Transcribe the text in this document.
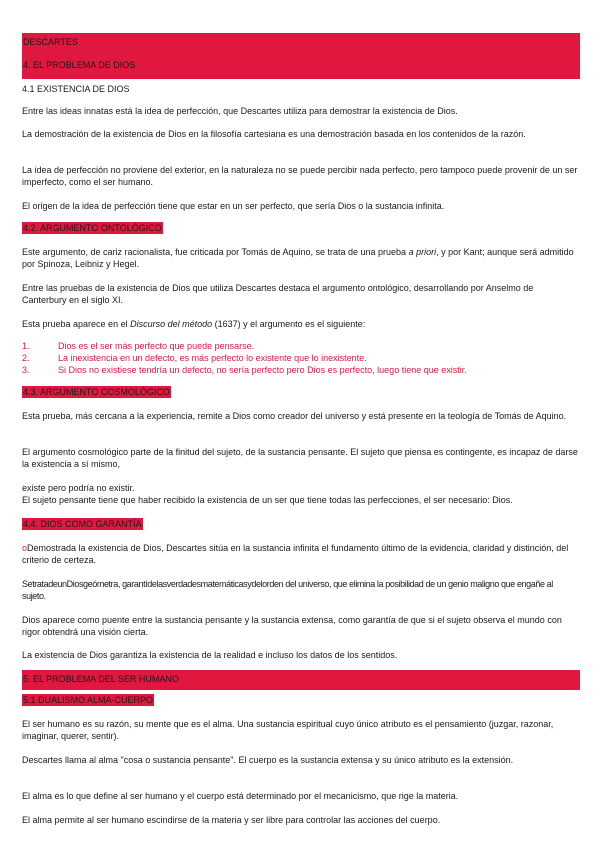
DESCARTES
4. EL PROBLEMA DE DIOS

4.1 EXISTENCIA DE DIOS

Entre las ideas innatas está la idea de perfección, que Descartes utiliza para demostrar la existencia de Dios.

La demostración de la existencia de Dios en la filosofía cartesiana es una demostración basada en los contenidos de la razón.

La idea de perfección no proviene del exterior, en la naturaleza no se puede percibir nada perfecto, pero tampoco puede provenir de un ser imperfecto, como el ser humano.

El origen de la idea de perfección tiene que estar en un ser perfecto, que sería Dios o la sustancia infinita.

4.2. ARGUMENTO ONTOLÓGICO

Este argumento, de cariz racionalista, fue criticada por Tomás de Aquino, se trata de una prueba a priori, y por Kant; aunque será admitido por Spinoza, Leibniz y Hegel.

Entre las pruebas de la existencia de Dios que utiliza Descartes destaca el argumento ontológico, desarrollando por Anselmo de Canterbury en el siglo XI.

Esta prueba aparece en el Discurso del método (1637) y el argumento es el siguiente:

1.	Dios es el ser más perfecto que puede pensarse.
2.	La inexistencia en un defecto, es más perfecto lo existente que lo inexistente.
3.	Si Dios no existiese tendría un defecto, no sería perfecto pero Dios es perfecto, luego tiene que existir.

4.3. ARGUMENTO COSMOLÓGICO

Esta prueba, más cercana a la experiencia, remite a Dios como creador del universo y está presente en la teología de Tomás de Aquino.

El argumento cosmológico parte de la finitud del sujeto, de la sustancia pensante. El sujeto que piensa es contingente, es incapaz de darse la existencia a sí mismo,

existe pero podría no existir.

El sujeto pensante tiene que haber recibido la existencia de un ser que tiene todas las perfecciones, el ser necesario: Dios.

4.4. DIOS COMO GARANTÍA

oDemostrada la existencia de Dios, Descartes sitúa en la sustancia infinita el fundamento último de la evidencia, claridad y distinción, del criterio de certeza.

SetratadeunDiosgeómetra, garantídelasverdadesmatemáticasydelorden del universo, que elimina la posibilidad de un genio maligno que engañe al sujeto.

Dios aparece como puente entre la sustancia pensante y la sustancia extensa, como garantía de que si el sujeto observa el mundo con rigor obtendrá una visión cierta.

La existencia de Dios garantiza la existencia de la realidad e incluso los datos de los sentidos.

5. EL PROBLEMA DEL SER HUMANO

5.1 DUALISMO ALMA-CUERPO

El ser humano es su razón, su mente que es el alma. Una sustancia espiritual cuyo único atributo es el pensamiento (juzgar, razonar, imaginar, querer, sentir).

Descartes llama al alma "cosa o sustancia pensante". El cuerpo es la sustancia extensa y su único atributo es la extensión.

El alma es lo que define al ser humano y el cuerpo está determinado por el mecanicismo, que rige la materia.

El alma permite al ser humano escindirse de la materia y ser libre para controlar las acciones del cuerpo.
